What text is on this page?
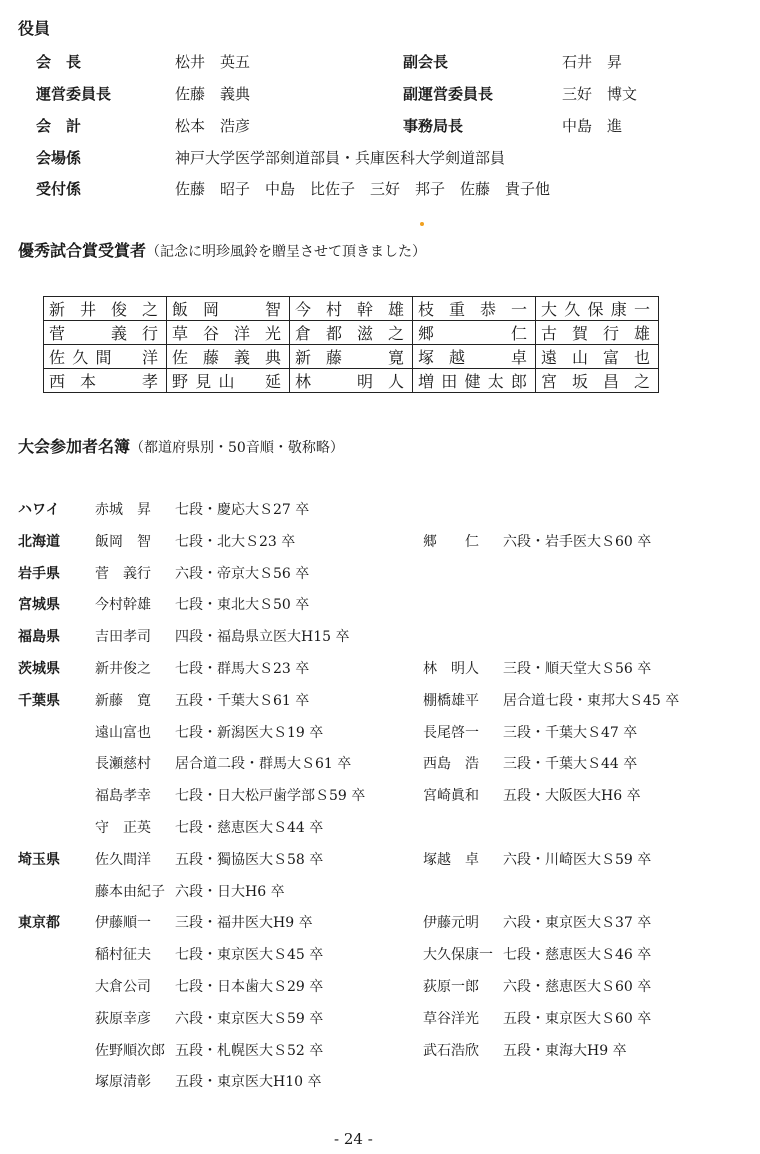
役員
会　長	松井　英五	副会長	石井　昇
運営委員長	佐藤　義典	副運営委員長	三好　博文
会　計	松本　浩彦	事務局長	中島　進
会場係	神戸大学医学部剣道部員・兵庫医科大学剣道部員
受付係	佐藤　昭子　中島　比佐子　三好　邦子　佐藤　貴子他
優秀試合賞受賞者（記念に明珍風鈴を贈呈させて頂きました）
新井俊之	飯岡　智	今村幹雄	枝重恭一	大久保康一
菅　義行	草谷洋光	倉都滋之	郷　仁	古賀行雄
佐久間　洋	佐藤義典	新藤　寛	塚越　卓	遠山富也
西本　孝	野見山　延	林　明人	増田健太郎	宮坂昌之
大会参加者名簿（都道府県別・50音順・敬称略）
ハワイ	赤城　昇 七段・慶応大Ｓ27 卒
北海道	飯岡　智 七段・北大Ｓ23 卒	郷　　仁 六段・岩手医大Ｓ60 卒
岩手県	菅　義行 六段・帝京大Ｓ56 卒
宮城県	今村幹雄 七段・東北大Ｓ50 卒
福島県	吉田孝司 四段・福島県立医大H15 卒
茨城県	新井俊之 七段・群馬大Ｓ23 卒	林　明人 三段・順天堂大Ｓ56 卒
千葉県	新藤　寛 五段・千葉大Ｓ61 卒	棚橋雄平 居合道七段・東邦大Ｓ45 卒
遠山富也 七段・新潟医大Ｓ19 卒	長尾啓一 三段・千葉大Ｓ47 卒
長瀬慈村 居合道二段・群馬大Ｓ61 卒	西島　浩 三段・千葉大Ｓ44 卒
福島孝幸 七段・日大松戸歯学部Ｓ59 卒	宮崎眞和 五段・大阪医大H6 卒
守　正英 七段・慈恵医大Ｓ44 卒
埼玉県	佐久間洋 五段・獨協医大Ｓ58 卒	塚越　卓 六段・川崎医大Ｓ59 卒
藤本由紀子 六段・日大H6 卒
東京都	伊藤順一 三段・福井医大H9 卒	伊藤元明 六段・東京医大Ｓ37 卒
稲村征夫 七段・東京医大Ｓ45 卒	大久保康一 七段・慈恵医大Ｓ46 卒
大倉公司 七段・日本歯大Ｓ29 卒	荻原一郎 六段・慈恵医大Ｓ60 卒
荻原幸彦 六段・東京医大Ｓ59 卒	草谷洋光 五段・東京医大Ｓ60 卒
佐野順次郎 五段・札幌医大Ｓ52 卒	武石浩欣 五段・東海大H9 卒
塚原清彰 五段・東京医大H10 卒
- 24 -
